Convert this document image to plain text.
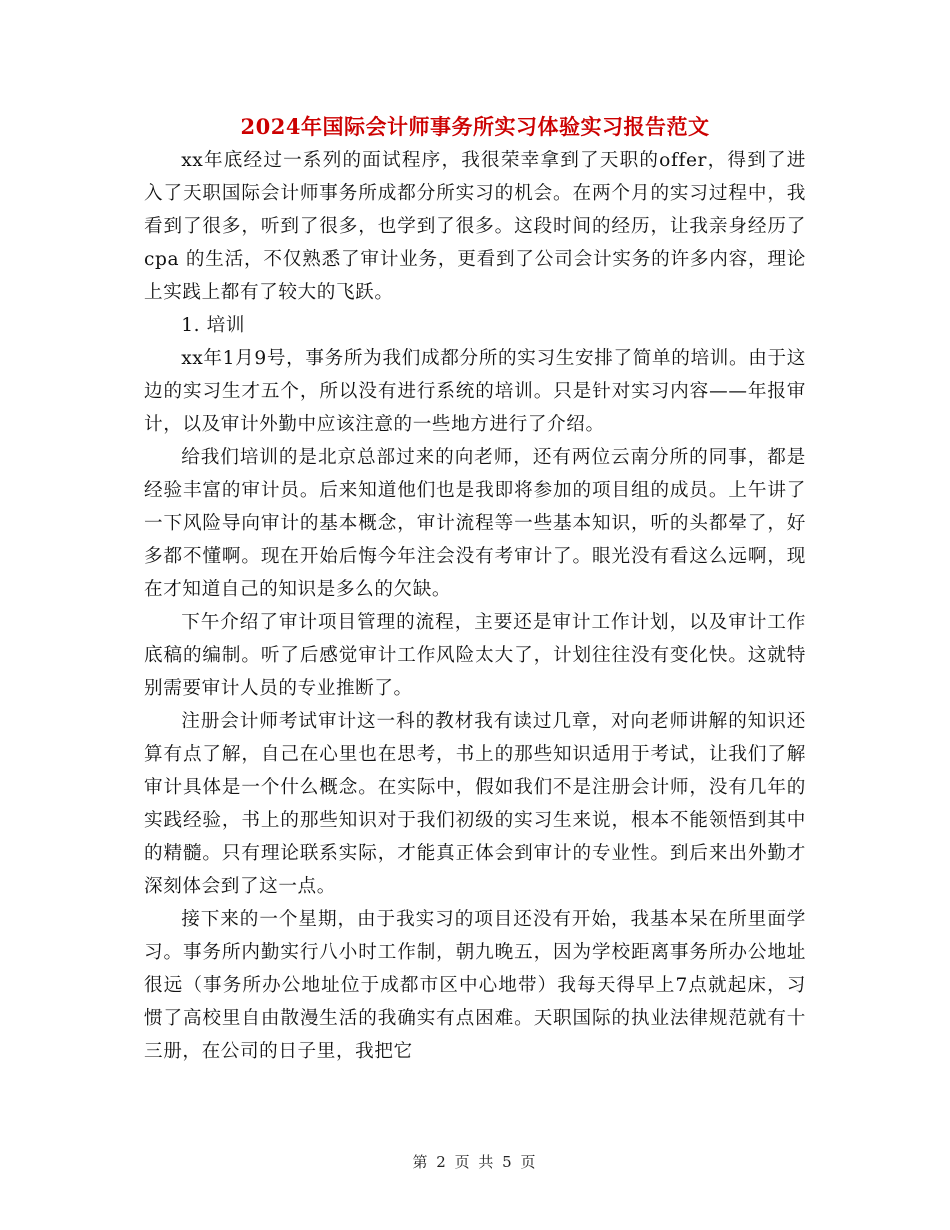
2024年国际会计师事务所实习体验实习报告范文

xx年底经过一系列的面试程序，我很荣幸拿到了天职的offer，得到了进入了天职国际会计师事务所成都分所实习的机会。在两个月的实习过程中，我看到了很多，听到了很多，也学到了很多。这段时间的经历，让我亲身经历了cpa 的生活，不仅熟悉了审计业务，更看到了公司会计实务的许多内容，理论上实践上都有了较大的飞跃。

1. 培训

xx年1月9号，事务所为我们成都分所的实习生安排了简单的培训。由于这边的实习生才五个，所以没有进行系统的培训。只是针对实习内容——年报审计，以及审计外勤中应该注意的一些地方进行了介绍。

给我们培训的是北京总部过来的向老师，还有两位云南分所的同事，都是经验丰富的审计员。后来知道他们也是我即将参加的项目组的成员。上午讲了一下风险导向审计的基本概念，审计流程等一些基本知识，听的头都晕了，好多都不懂啊。现在开始后悔今年注会没有考审计了。眼光没有看这么远啊，现在才知道自己的知识是多么的欠缺。

下午介绍了审计项目管理的流程，主要还是审计工作计划，以及审计工作底稿的编制。听了后感觉审计工作风险太大了，计划往往没有变化快。这就特别需要审计人员的专业推断了。

注册会计师考试审计这一科的教材我有读过几章，对向老师讲解的知识还算有点了解，自己在心里也在思考，书上的那些知识适用于考试，让我们了解审计具体是一个什么概念。在实际中，假如我们不是注册会计师，没有几年的实践经验，书上的那些知识对于我们初级的实习生来说，根本不能领悟到其中的精髓。只有理论联系实际，才能真正体会到审计的专业性。到后来出外勤才深刻体会到了这一点。

接下来的一个星期，由于我实习的项目还没有开始，我基本呆在所里面学习。事务所内勤实行八小时工作制，朝九晚五，因为学校距离事务所办公地址很远（事务所办公地址位于成都市区中心地带）我每天得早上7点就起床，习惯了高校里自由散漫生活的我确实有点困难。天职国际的执业法律规范就有十三册，在公司的日子里，我把它

第 2 页 共 5 页
